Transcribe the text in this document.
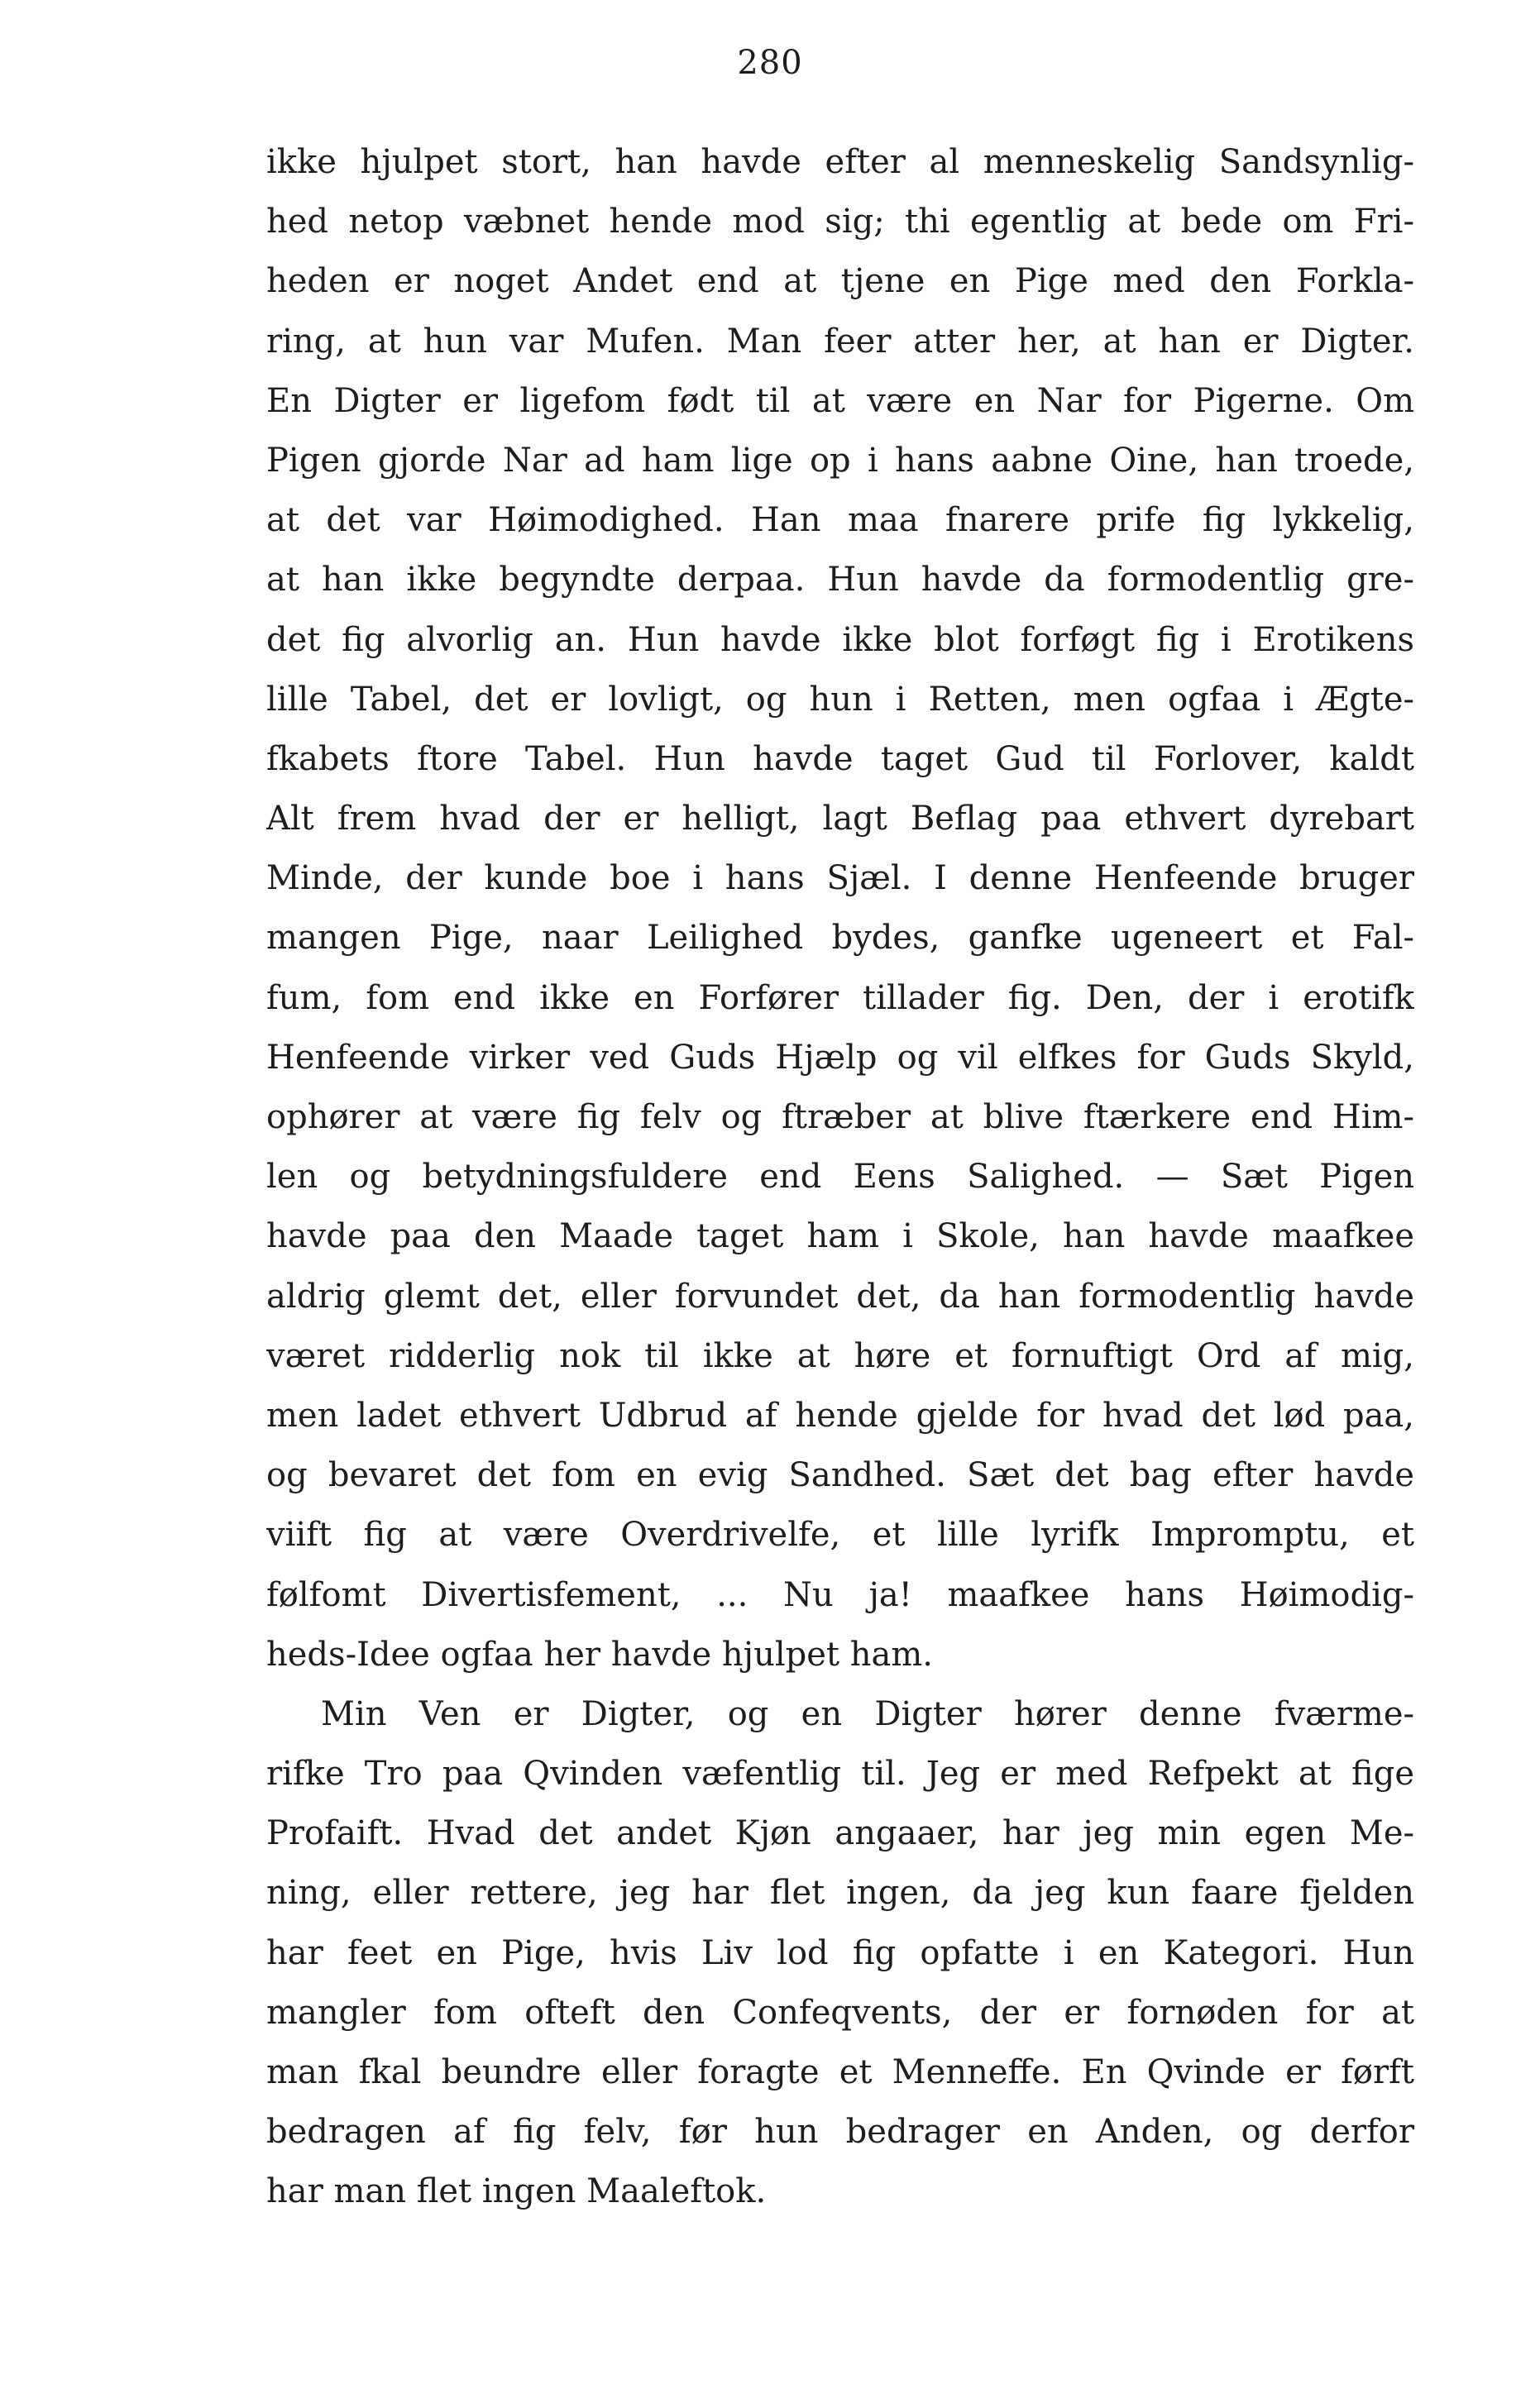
280
ikke hjulpet stort, han havde efter al menneskelig Sandsynlig-
hed netop væbnet hende mod sig; thi egentlig at bede om Fri-
heden er noget Andet end at tjene en Pige med den Forkla-
ring, at hun var Mufen. Man feer atter her, at han er Digter.
En Digter er ligefom født til at være en Nar for Pigerne. Om
Pigen gjorde Nar ad ham lige op i hans aabne Oine, han troede,
at det var Høimodighed. Han maa fnarere prife fig lykkelig,
at han ikke begyndte derpaa. Hun havde da formodentlig gre-
det fig alvorlig an. Hun havde ikke blot forføgt fig i Erotikens
lille Tabel, det er lovligt, og hun i Retten, men ogfaa i Ægte-
fkabets ftore Tabel. Hun havde taget Gud til Forlover, kaldt
Alt frem hvad der er helligt, lagt Beflag paa ethvert dyrebart
Minde, der kunde boe i hans Sjæl. I denne Henfeende bruger
mangen Pige, naar Leilighed bydes, ganfke ugeneert et Fal-
fum, fom end ikke en Forfører tillader fig. Den, der i erotifk
Henfeende virker ved Guds Hjælp og vil elfkes for Guds Skyld,
ophører at være fig felv og ftræber at blive ftærkere end Him-
len og betydningsfuldere end Eens Salighed. — Sæt Pigen
havde paa den Maade taget ham i Skole, han havde maafkee
aldrig glemt det, eller forvundet det, da han formodentlig havde
været ridderlig nok til ikke at høre et fornuftigt Ord af mig,
men ladet ethvert Udbrud af hende gjelde for hvad det lød paa,
og bevaret det fom en evig Sandhed. Sæt det bag efter havde
viift fig at være Overdrivelfe, et lille lyrifk Impromptu, et
følfomt Divertisfement, ... Nu ja! maafkee hans Høimodig-
heds-Idee ogfaa her havde hjulpet ham.
Min Ven er Digter, og en Digter hører denne fværme-
rifke Tro paa Qvinden væfentlig til. Jeg er med Refpekt at fige
Profaift. Hvad det andet Kjøn angaaer, har jeg min egen Me-
ning, eller rettere, jeg har flet ingen, da jeg kun faare fjelden
har feet en Pige, hvis Liv lod fig opfatte i en Kategori. Hun
mangler fom ofteft den Confeqvents, der er fornøden for at
man fkal beundre eller foragte et Menneffe. En Qvinde er førft
bedragen af fig felv, før hun bedrager en Anden, og derfor
har man flet ingen Maaleftok.
